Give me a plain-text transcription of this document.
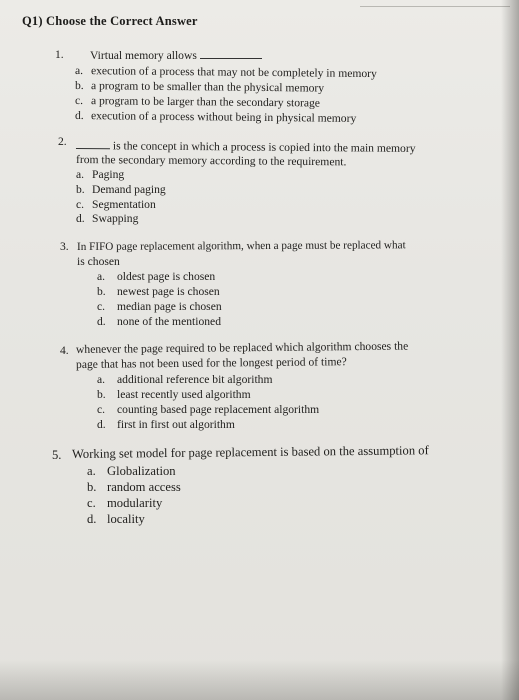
Q1) Choose the Correct Answer
1. Virtual memory allows
a. execution of a process that may not be completely in memory
b. a program to be smaller than the physical memory
c. a program to be larger than the secondary storage
d. execution of a process without being in physical memory
2.	is the concept in which a process is copied into the main memory
from the secondary memory according to the requirement.
a. Paging
b. Demand paging
c. Segmentation
d. Swapping
3. In FIFO page replacement algorithm, when a page must be replaced what
is chosen
a. oldest page is chosen
b. newest page is chosen
c. median page is chosen
d. none of the mentioned
4. whenever the page required to be replaced which algorithm chooses the
page that has not been used for the longest period of time?
a. additional reference bit algorithm
b. least recently used algorithm
c. counting based page replacement algorithm
d. first in first out algorithm
5. Working set model for page replacement is based on the assumption of
a. Globalization
b. random access
c. modularity
d. locality
